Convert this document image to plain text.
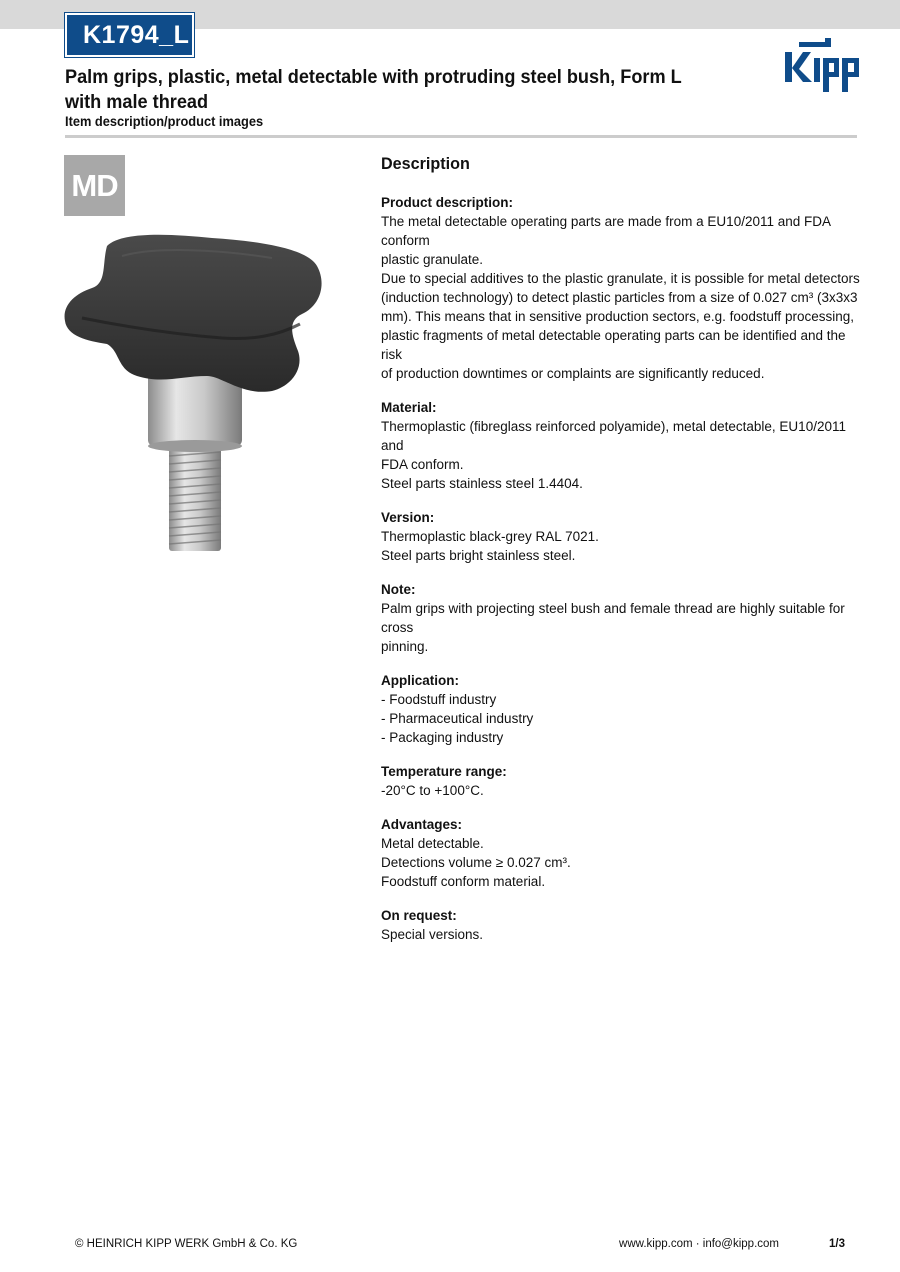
K1794_L
Palm grips, plastic, metal detectable with protruding steel bush, Form L
with male thread
Item description/product images
MD
Description
Product description:
The metal detectable operating parts are made from a EU10/2011 and FDA conform
plastic granulate.
Due to special additives to the plastic granulate, it is possible for metal detectors
(induction technology) to detect plastic particles from a size of 0.027 cm³ (3x3x3
mm). This means that in sensitive production sectors, e.g. foodstuff processing,
plastic fragments of metal detectable operating parts can be identified and the risk
of production downtimes or complaints are significantly reduced.
Material:
Thermoplastic (fibreglass reinforced polyamide), metal detectable, EU10/2011 and
FDA conform.
Steel parts stainless steel 1.4404.
Version:
Thermoplastic black-grey RAL 7021.
Steel parts bright stainless steel.
Note:
Palm grips with projecting steel bush and female thread are highly suitable for cross
pinning.
Application:
- Foodstuff industry
- Pharmaceutical industry
- Packaging industry
Temperature range:
-20°C to +100°C.
Advantages:
Metal detectable.
Detections volume ≥ 0.027 cm³.
Foodstuff conform material.
On request:
Special versions.
© HEINRICH KIPP WERK GmbH & Co. KG	www.kipp.com · info@kipp.com	1/3
